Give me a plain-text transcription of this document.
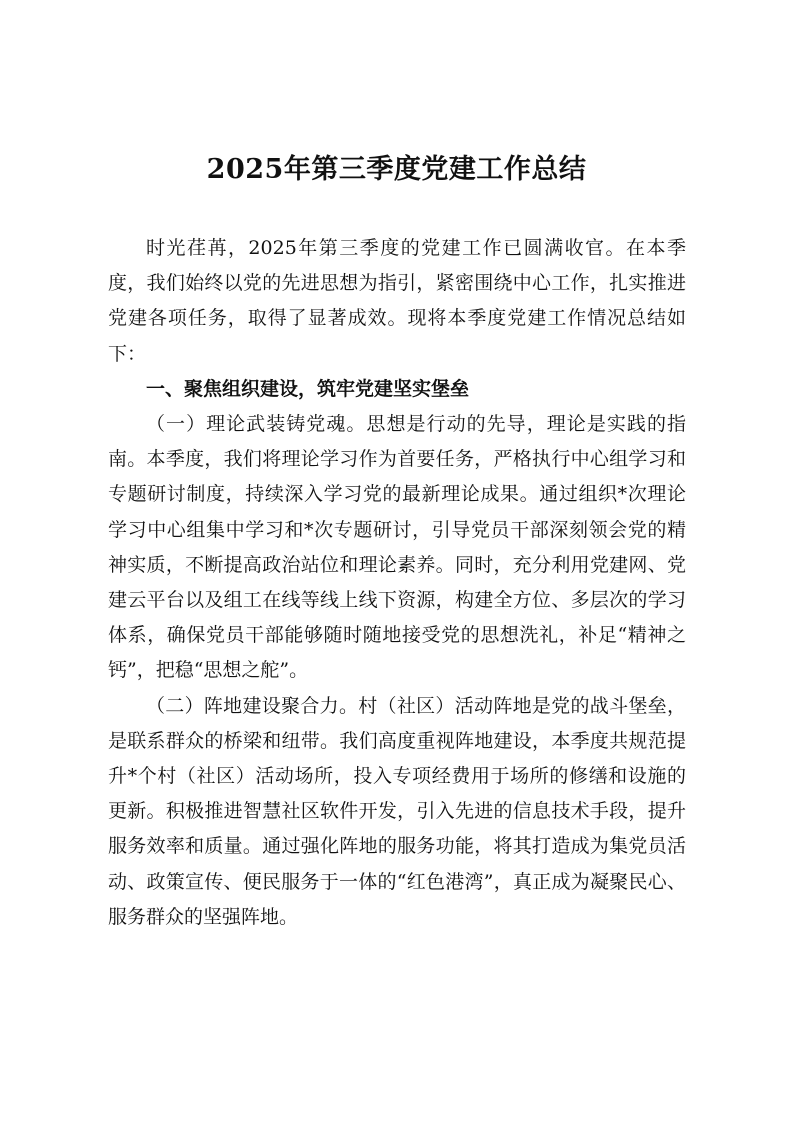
2025年第三季度党建工作总结

时光荏苒，2025年第三季度的党建工作已圆满收官。在本季度，我们始终以党的先进思想为指引，紧密围绕中心工作，扎实推进党建各项任务，取得了显著成效。现将本季度党建工作情况总结如下：

一、聚焦组织建设，筑牢党建坚实堡垒

（一）理论武装铸党魂。思想是行动的先导，理论是实践的指南。本季度，我们将理论学习作为首要任务，严格执行中心组学习和专题研讨制度，持续深入学习党的最新理论成果。通过组织*次理论学习中心组集中学习和*次专题研讨，引导党员干部深刻领会党的精神实质，不断提高政治站位和理论素养。同时，充分利用党建网、党建云平台以及组工在线等线上线下资源，构建全方位、多层次的学习体系，确保党员干部能够随时随地接受党的思想洗礼，补足“精神之钙”，把稳“思想之舵”。

（二）阵地建设聚合力。村（社区）活动阵地是党的战斗堡垒，是联系群众的桥梁和纽带。我们高度重视阵地建设，本季度共规范提升*个村（社区）活动场所，投入专项经费用于场所的修缮和设施的更新。积极推进智慧社区软件开发，引入先进的信息技术手段，提升服务效率和质量。通过强化阵地的服务功能，将其打造成为集党员活动、政策宣传、便民服务于一体的“红色港湾”，真正成为凝聚民心、服务群众的坚强阵地。
